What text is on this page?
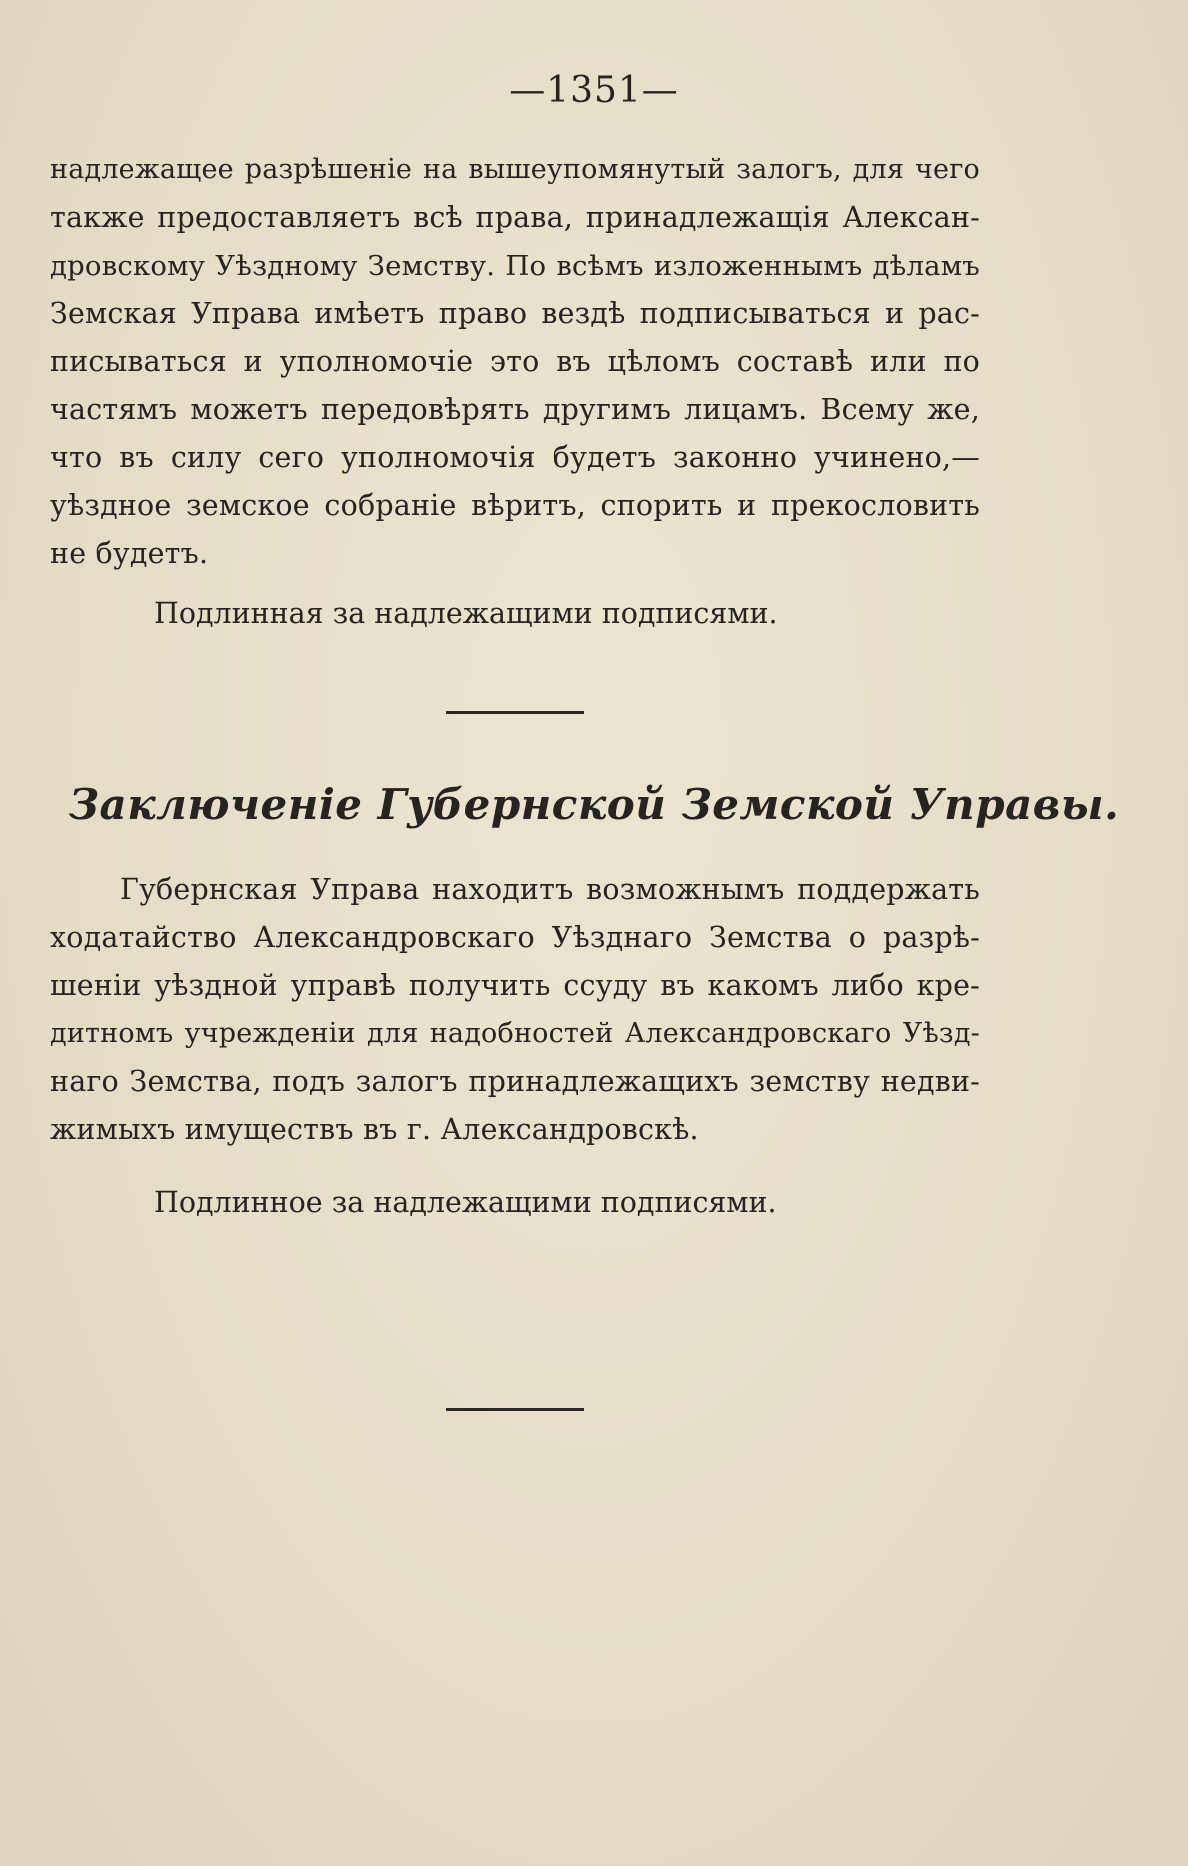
—1351—
надлежащее разрѣшеніе на вышеупомянутый залогъ, для чего
также предоставляетъ всѣ права, принадлежащія Алексан-
дровскому Уѣздному Земству. По всѣмъ изложеннымъ дѣламъ
Земская Управа имѣетъ право вездѣ подписываться и рас-
писываться и уполномочіе это въ цѣломъ составѣ или по
частямъ можетъ передовѣрять другимъ лицамъ. Всему же,
что въ силу сего уполномочія будетъ законно учинено,—
уѣздное земское собраніе вѣритъ, спорить и прекословить
не будетъ.
Подлинная за надлежащими подписями.
Заключеніе Губернской Земской Управы.
Губернская Управа находитъ возможнымъ поддержать
ходатайство Александровскаго Уѣзднаго Земства о разрѣ-
шеніи уѣздной управѣ получить ссуду въ какомъ либо кре-
дитномъ учрежденіи для надобностей Александровскаго Уѣзд-
наго Земства, подъ залогъ принадлежащихъ земству недви-
жимыхъ имуществъ въ г. Александровскѣ.
Подлинное за надлежащими подписями.
